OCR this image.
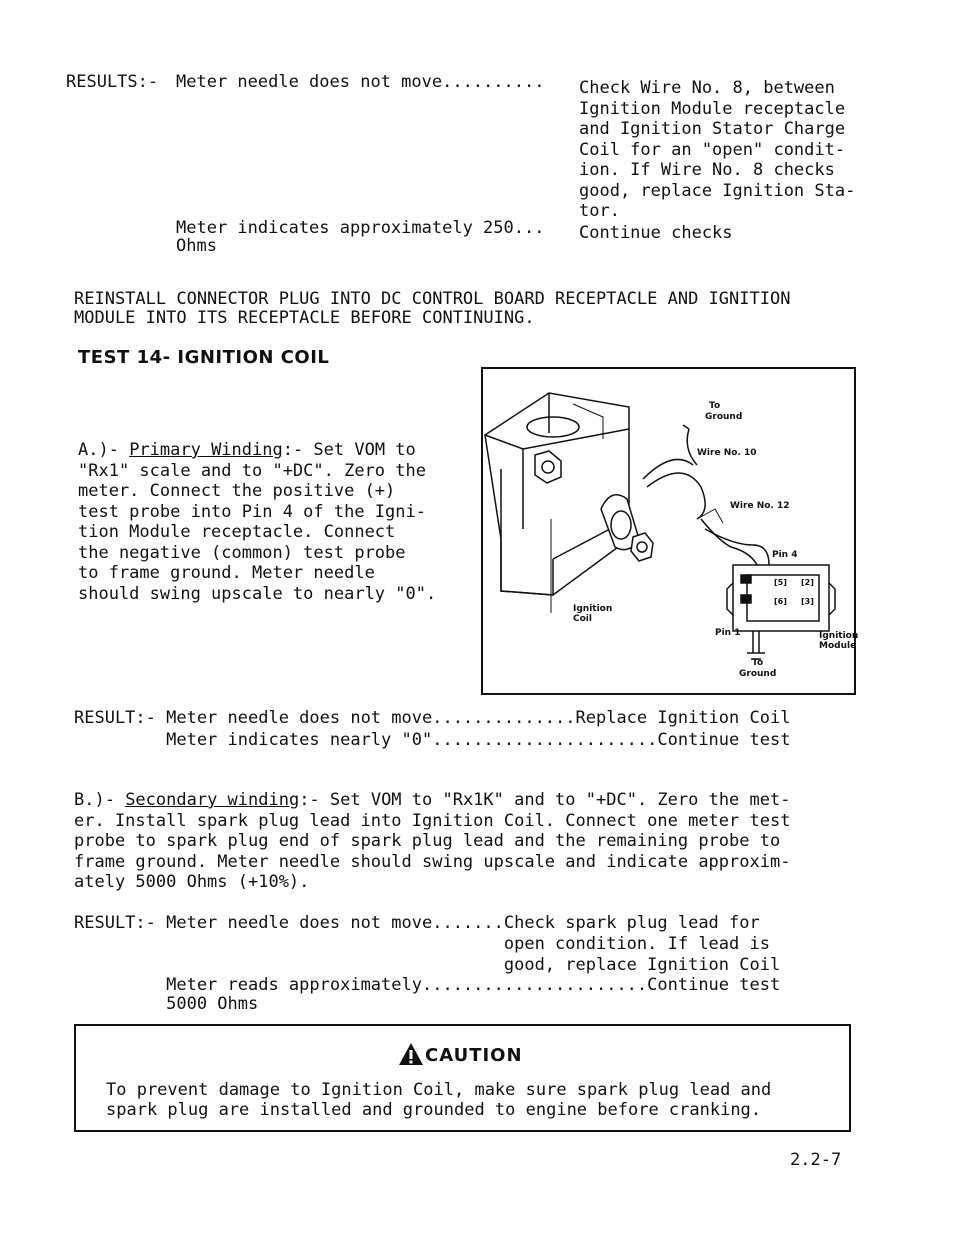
RESULTS:- Meter needle does not move.......... Check Wire No. 8, between
Ignition Module receptacle
and Ignition Stator Charge
Coil for an "open" condit-
ion. If Wire No. 8 checks
good, replace Ignition Sta-
tor.
Meter indicates approximately 250... Continue checks
Ohms
REINSTALL CONNECTOR PLUG INTO DC CONTROL BOARD RECEPTACLE AND IGNITION
MODULE INTO ITS RECEPTACLE BEFORE CONTINUING.
TEST 14- IGNITION COIL
A.)- Primary Winding:- Set VOM to
"Rx1" scale and to "+DC". Zero the
meter. Connect the positive (+)
test probe into Pin 4 of the Igni-
tion Module receptacle. Connect
the negative (common) test probe
to frame ground. Meter needle
should swing upscale to nearly "0".
To
Ground
Wire No. 10
Wire No. 12
Pin 4
Pin 1
Ignition
Coil
Ignition
Module
To
Ground
[5] [2]
[6] [3]
RESULT:- Meter needle does not move..............Replace Ignition Coil
Meter indicates nearly "0"......................Continue test
B.)- Secondary winding:- Set VOM to "Rx1K" and to "+DC". Zero the met-
er. Install spark plug lead into Ignition Coil. Connect one meter test
probe to spark plug end of spark plug lead and the remaining probe to
frame ground. Meter needle should swing upscale and indicate approxim-
ately 5000 Ohms (+10%).
RESULT:- Meter needle does not move.......Check spark plug lead for
open condition. If lead is
good, replace Ignition Coil
Meter reads approximately......................Continue test
5000 Ohms
CAUTION
To prevent damage to Ignition Coil, make sure spark plug lead and
spark plug are installed and grounded to engine before cranking.
2.2-7
